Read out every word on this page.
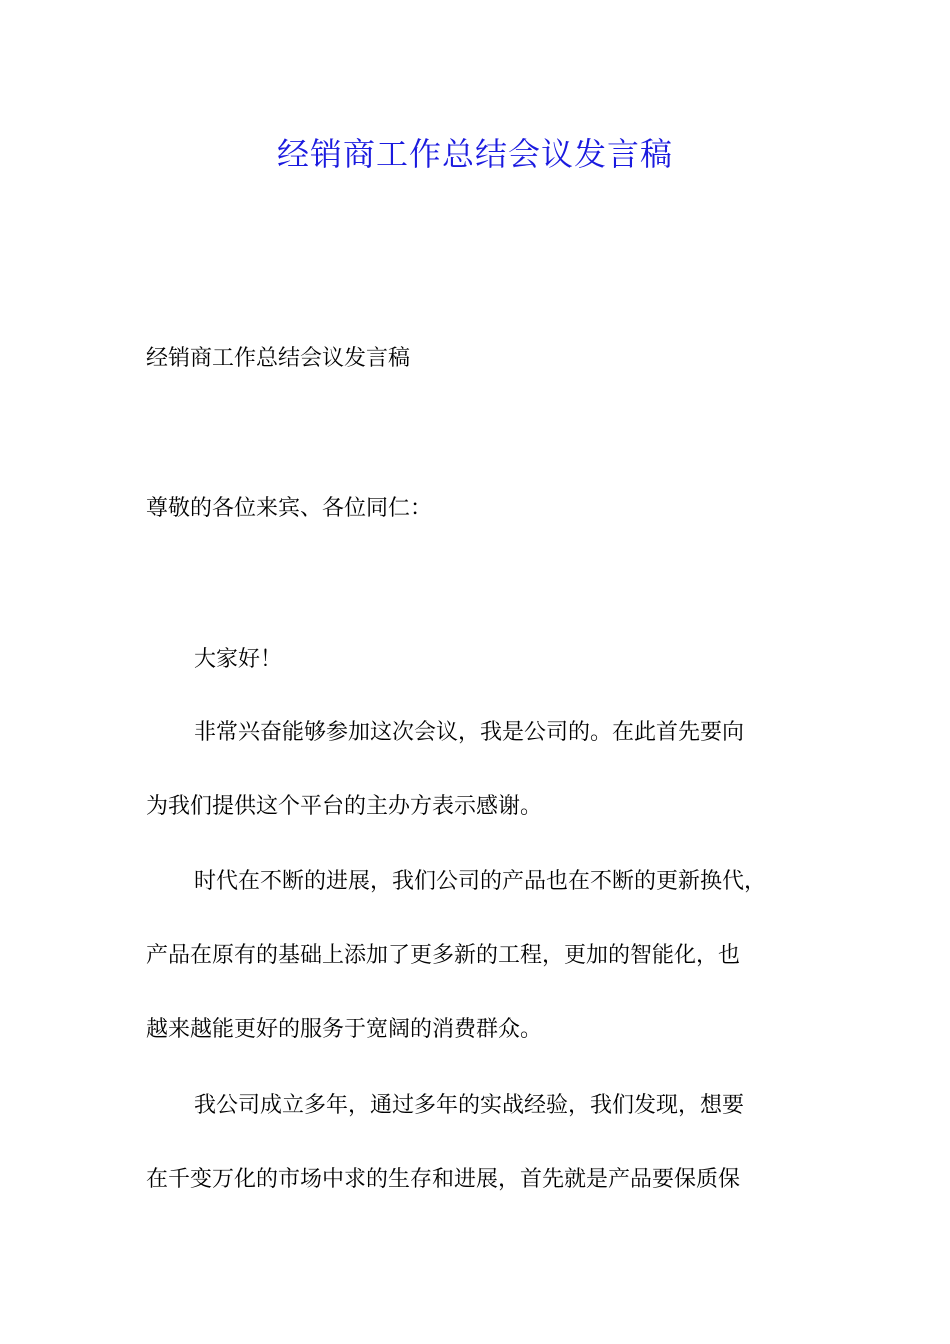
经销商工作总结会议发言稿
经销商工作总结会议发言稿
尊敬的各位来宾、各位同仁：
大家好！
非常兴奋能够参加这次会议，我是公司的。在此首先要向
为我们提供这个平台的主办方表示感谢。
时代在不断的进展，我们公司的产品也在不断的更新换代，
产品在原有的基础上添加了更多新的工程，更加的智能化，也
越来越能更好的服务于宽阔的消费群众。
我公司成立多年，通过多年的实战经验，我们发现，想要
在千变万化的市场中求的生存和进展，首先就是产品要保质保
